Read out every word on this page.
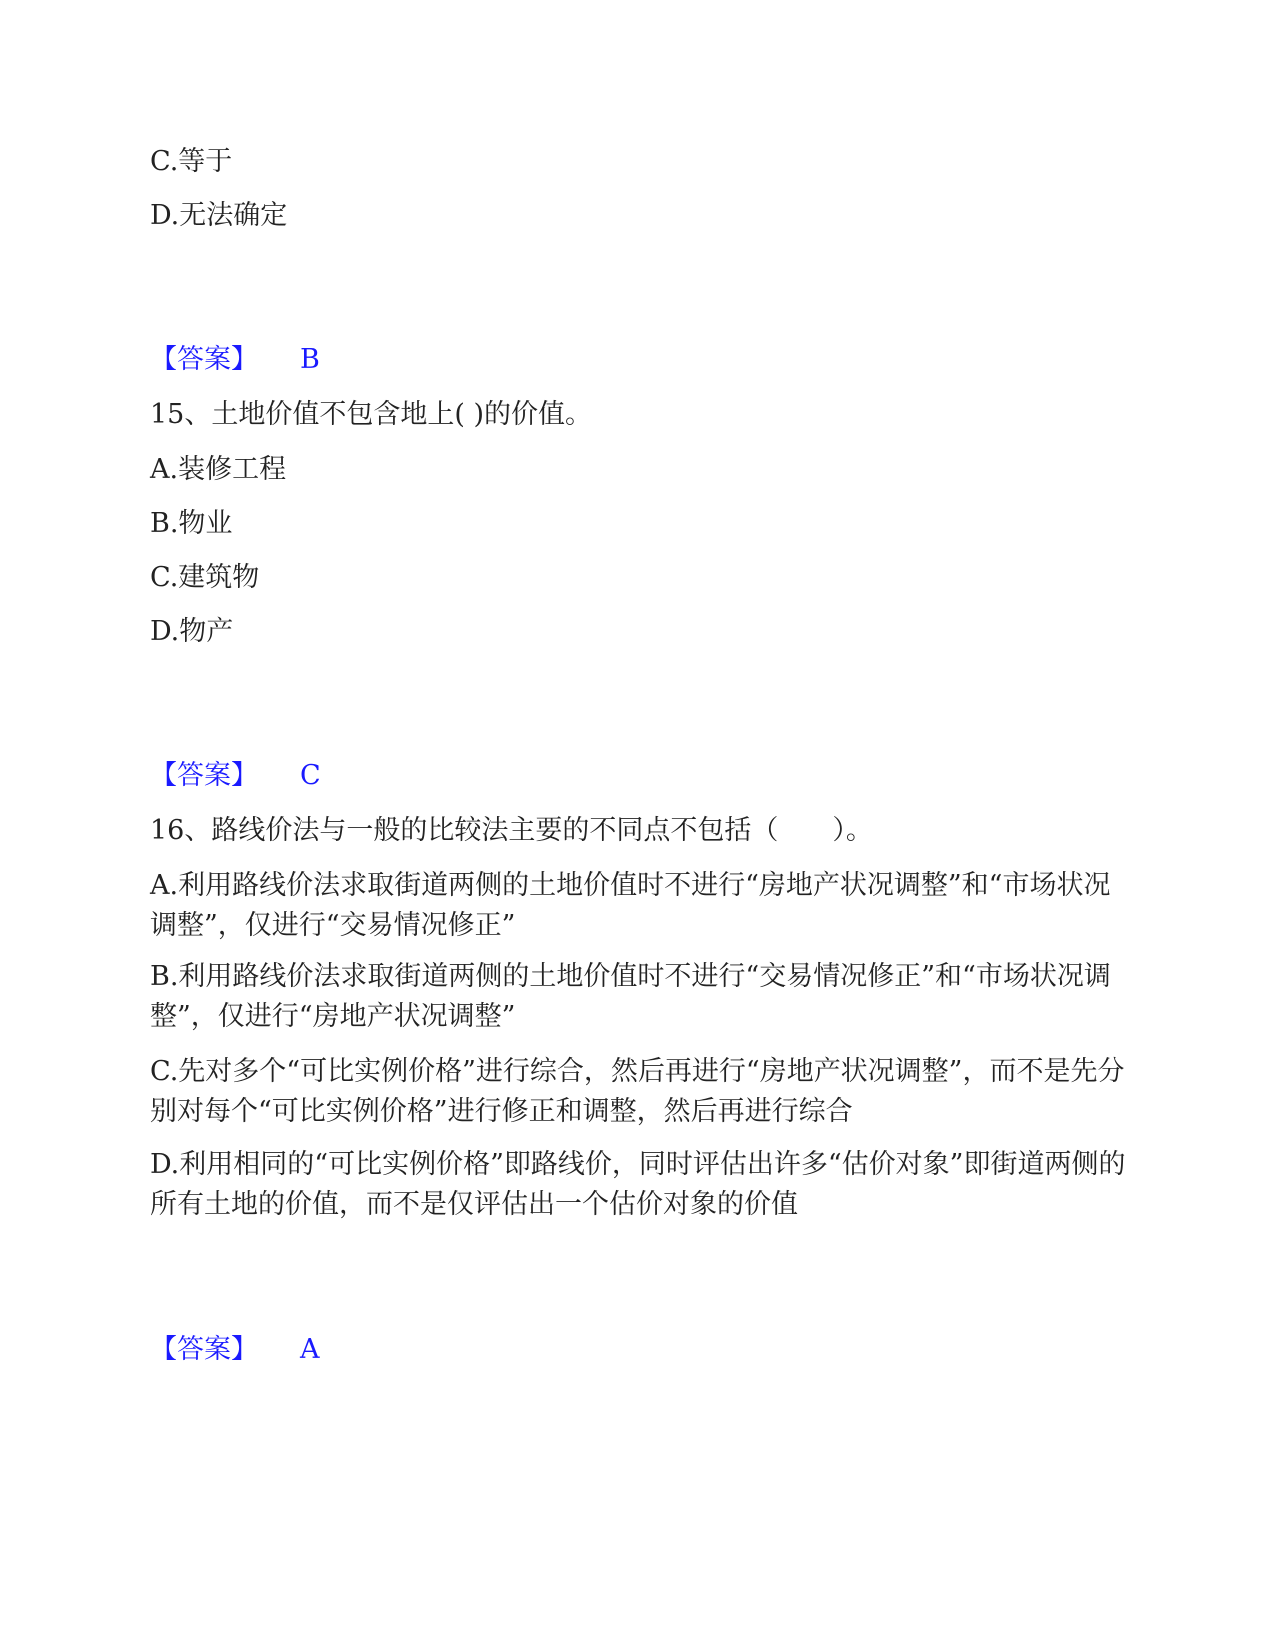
C.等于
D.无法确定
【答案】 B
15、土地价值不包含地上( )的价值。
A.装修工程
B.物业
C.建筑物
D.物产
【答案】 C
16、路线价法与一般的比较法主要的不同点不包括（　　）。
A.利用路线价法求取街道两侧的土地价值时不进行“房地产状况调整”和“市场状况调整”，仅进行“交易情况修正”
B.利用路线价法求取街道两侧的土地价值时不进行“交易情况修正”和“市场状况调整”，仅进行“房地产状况调整”
C.先对多个“可比实例价格”进行综合，然后再进行“房地产状况调整”，而不是先分别对每个“可比实例价格”进行修正和调整，然后再进行综合
D.利用相同的“可比实例价格”即路线价，同时评估出许多“估价对象”即街道两侧的所有土地的价值，而不是仅评估出一个估价对象的价值
【答案】 A
